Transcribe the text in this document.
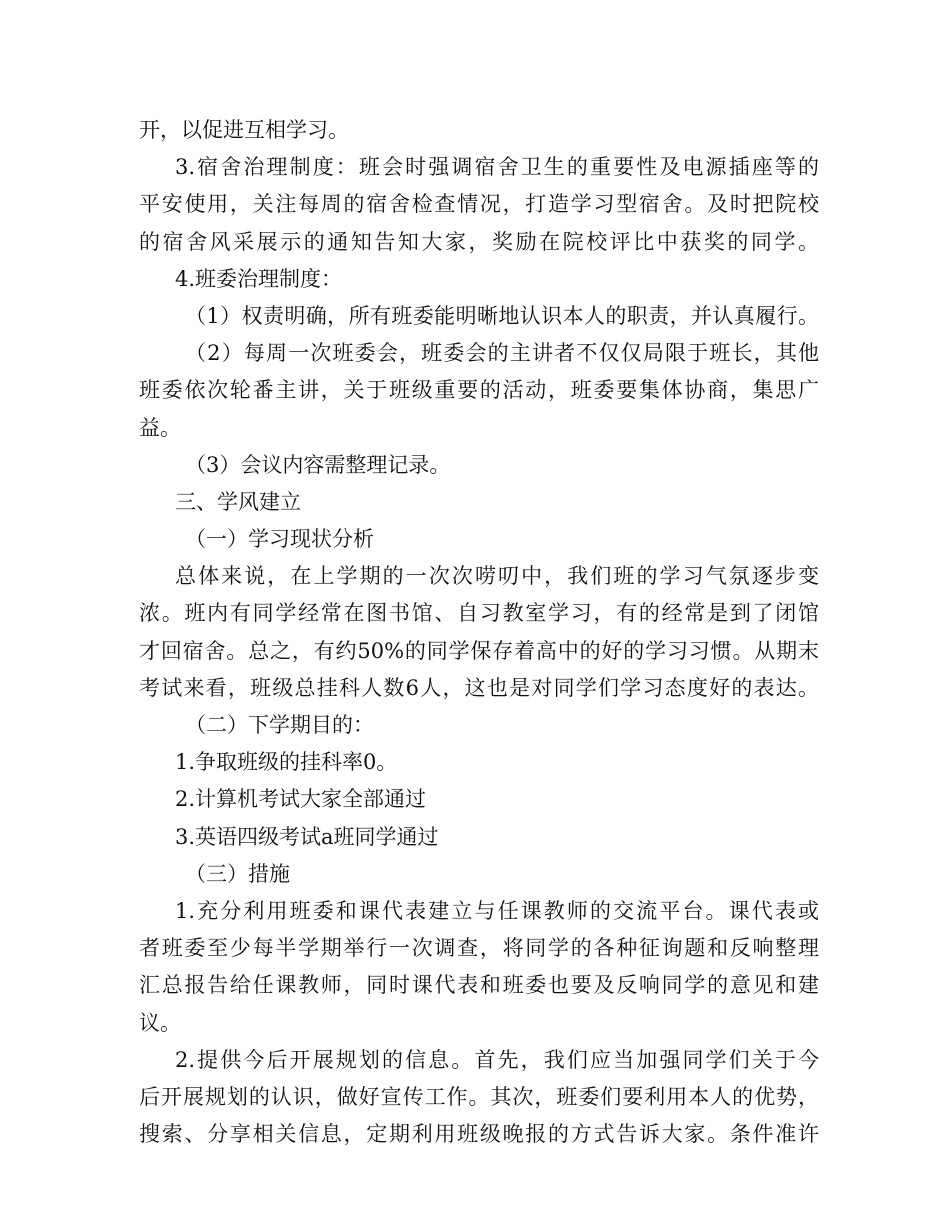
开，以促进互相学习。
3.宿舍治理制度：班会时强调宿舍卫生的重要性及电源插座等的
平安使用，关注每周的宿舍检查情况，打造学习型宿舍。及时把院校
的宿舍风采展示的通知告知大家，奖励在院校评比中获奖的同学。
4.班委治理制度：
（1）权责明确，所有班委能明晰地认识本人的职责，并认真履行。
（2）每周一次班委会，班委会的主讲者不仅仅局限于班长，其他
班委依次轮番主讲，关于班级重要的活动，班委要集体协商，集思广
益。
（3）会议内容需整理记录。
三、学风建立
（一）学习现状分析
总体来说，在上学期的一次次唠叨中，我们班的学习气氛逐步变
浓。班内有同学经常在图书馆、自习教室学习，有的经常是到了闭馆
才回宿舍。总之，有约50%的同学保存着高中的好的学习习惯。从期末
考试来看，班级总挂科人数6人，这也是对同学们学习态度好的表达。
（二）下学期目的：
1.争取班级的挂科率0。
2.计算机考试大家全部通过
3.英语四级考试a班同学通过
（三）措施
1.充分利用班委和课代表建立与任课教师的交流平台。课代表或
者班委至少每半学期举行一次调查，将同学的各种征询题和反响整理
汇总报告给任课教师，同时课代表和班委也要及反响同学的意见和建
议。
2.提供今后开展规划的信息。首先，我们应当加强同学们关于今
后开展规划的认识，做好宣传工作。其次，班委们要利用本人的优势，
搜索、分享相关信息，定期利用班级晚报的方式告诉大家。条件准许
